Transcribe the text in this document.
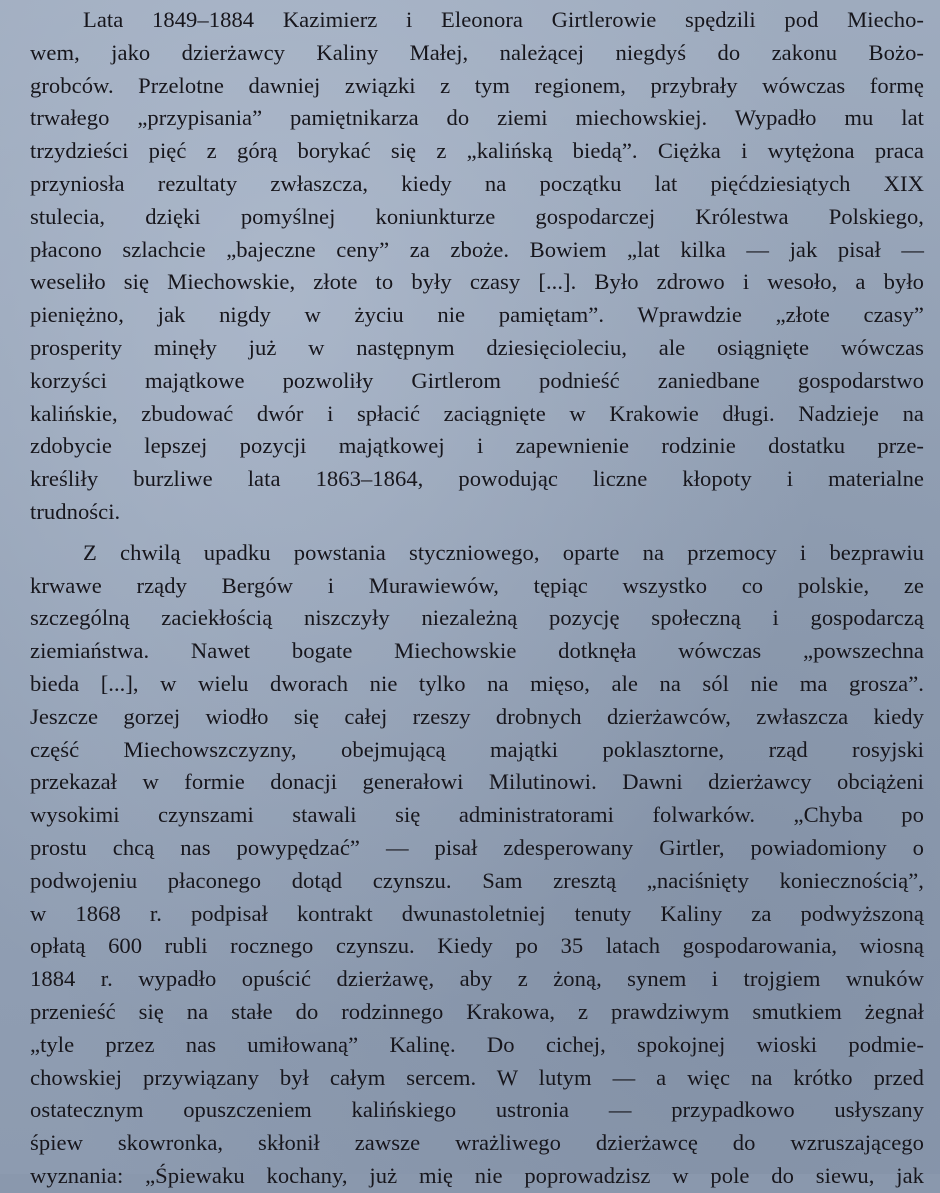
Lata 1849–1884 Kazimierz i Eleonora Girtlerowie spędzili pod Miecho-
wem, jako dzierżawcy Kaliny Małej, należącej niegdyś do zakonu Bożo-
grobców. Przelotne dawniej związki z tym regionem, przybrały wówczas formę
trwałego „przypisania” pamiętnikarza do ziemi miechowskiej. Wypadło mu lat
trzydzieści pięć z górą borykać się z „kalińską biedą”. Ciężka i wytężona praca
przyniosła rezultaty zwłaszcza, kiedy na początku lat pięćdziesiątych XIX
stulecia, dzięki pomyślnej koniunkturze gospodarczej Królestwa Polskiego,
płacono szlachcie „bajeczne ceny” za zboże. Bowiem „lat kilka — jak pisał —
weseliło się Miechowskie, złote to były czasy [...]. Było zdrowo i wesoło, a było
pieniężno, jak nigdy w życiu nie pamiętam”. Wprawdzie „złote czasy”
prosperity minęły już w następnym dziesięcioleciu, ale osiągnięte wówczas
korzyści majątkowe pozwoliły Girtlerom podnieść zaniedbane gospodarstwo
kalińskie, zbudować dwór i spłacić zaciągnięte w Krakowie długi. Nadzieje na
zdobycie lepszej pozycji majątkowej i zapewnienie rodzinie dostatku prze-
kreśliły burzliwe lata 1863–1864, powodując liczne kłopoty i materialne
trudności.
Z chwilą upadku powstania styczniowego, oparte na przemocy i bezprawiu
krwawe rządy Bergów i Murawiewów, tępiąc wszystko co polskie, ze
szczególną zaciekłością niszczyły niezależną pozycję społeczną i gospodarczą
ziemiaństwa. Nawet bogate Miechowskie dotknęła wówczas „powszechna
bieda [...], w wielu dworach nie tylko na mięso, ale na sól nie ma grosza”.
Jeszcze gorzej wiodło się całej rzeszy drobnych dzierżawców, zwłaszcza kiedy
część Miechowszczyzny, obejmującą majątki poklasztorne, rząd rosyjski
przekazał w formie donacji generałowi Milutinowi. Dawni dzierżawcy obciążeni
wysokimi czynszami stawali się administratorami folwarków. „Chyba po
prostu chcą nas powypędzać” — pisał zdesperowany Girtler, powiadomiony o
podwojeniu płaconego dotąd czynszu. Sam zresztą „naciśnięty koniecznością”,
w 1868 r. podpisał kontrakt dwunastoletniej tenuty Kaliny za podwyższoną
opłatą 600 rubli rocznego czynszu. Kiedy po 35 latach gospodarowania, wiosną
1884 r. wypadło opuścić dzierżawę, aby z żoną, synem i trojgiem wnuków
przenieść się na stałe do rodzinnego Krakowa, z prawdziwym smutkiem żegnał
„tyle przez nas umiłowaną” Kalinę. Do cichej, spokojnej wioski podmie-
chowskiej przywiązany był całym sercem. W lutym — a więc na krótko przed
ostatecznym opuszczeniem kalińskiego ustronia — przypadkowo usłyszany
śpiew skowronka, skłonił zawsze wrażliwego dzierżawcę do wzruszającego
wyznania: „Śpiewaku kochany, już mię nie poprowadzisz w pole do siewu, jak
